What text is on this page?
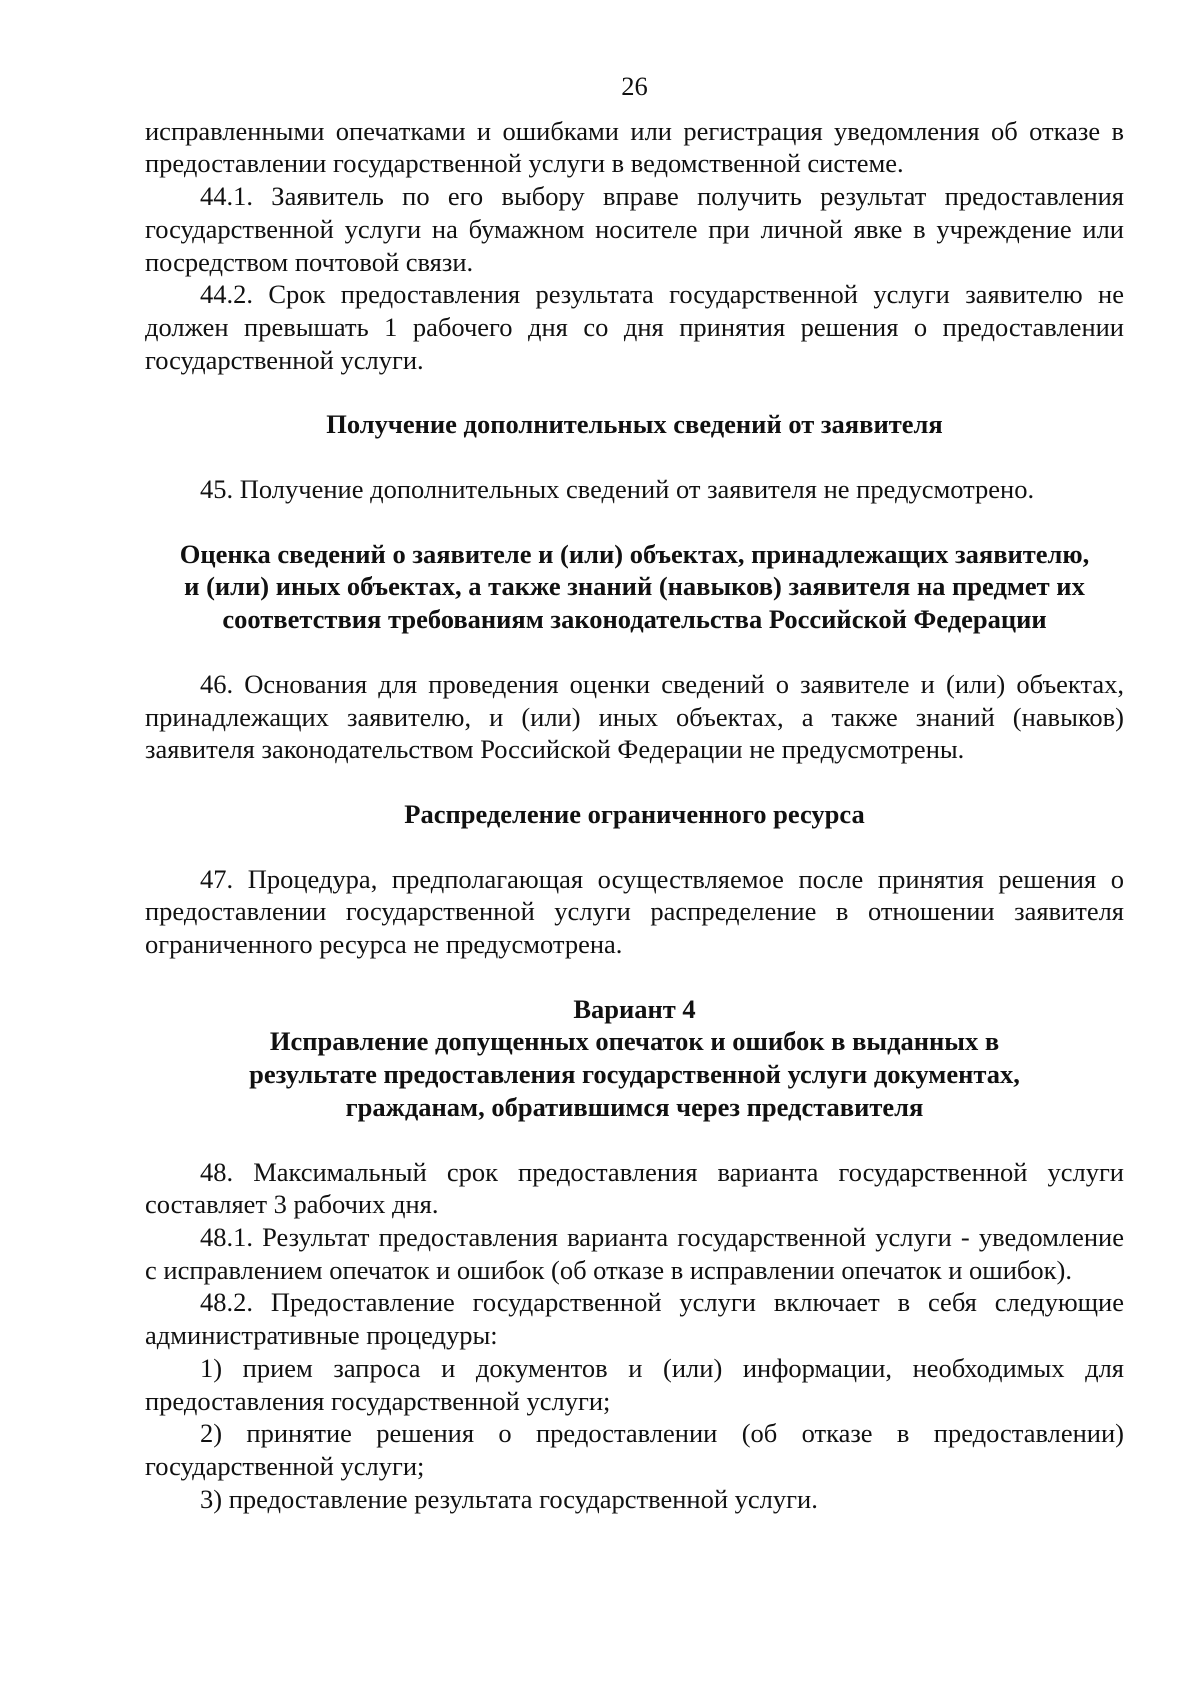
26

исправленными опечатками и ошибками или регистрация уведомления об отказе в предоставлении государственной услуги в ведомственной системе.

44.1. Заявитель по его выбору вправе получить результат предоставления государственной услуги на бумажном носителе при личной явке в учреждение или посредством почтовой связи.

44.2. Срок предоставления результата государственной услуги заявителю не должен превышать 1 рабочего дня со дня принятия решения о предоставлении государственной услуги.

Получение дополнительных сведений от заявителя

45. Получение дополнительных сведений от заявителя не предусмотрено.

Оценка сведений о заявителе и (или) объектах, принадлежащих заявителю,
и (или) иных объектах, а также знаний (навыков) заявителя на предмет их
соответствия требованиям законодательства Российской Федерации

46. Основания для проведения оценки сведений о заявителе и (или) объектах, принадлежащих заявителю, и (или) иных объектах, а также знаний (навыков) заявителя законодательством Российской Федерации не предусмотрены.

Распределение ограниченного ресурса

47. Процедура, предполагающая осуществляемое после принятия решения о предоставлении государственной услуги распределение в отношении заявителя ограниченного ресурса не предусмотрена.

Вариант 4
Исправление допущенных опечаток и ошибок в выданных в
результате предоставления государственной услуги документах,
гражданам, обратившимся через представителя

48. Максимальный срок предоставления варианта государственной услуги составляет 3 рабочих дня.

48.1. Результат предоставления варианта государственной услуги - уведомление с исправлением опечаток и ошибок (об отказе в исправлении опечаток и ошибок).

48.2. Предоставление государственной услуги включает в себя следующие административные процедуры:

1) прием запроса и документов и (или) информации, необходимых для предоставления государственной услуги;

2) принятие решения о предоставлении (об отказе в предоставлении) государственной услуги;

3) предоставление результата государственной услуги.
